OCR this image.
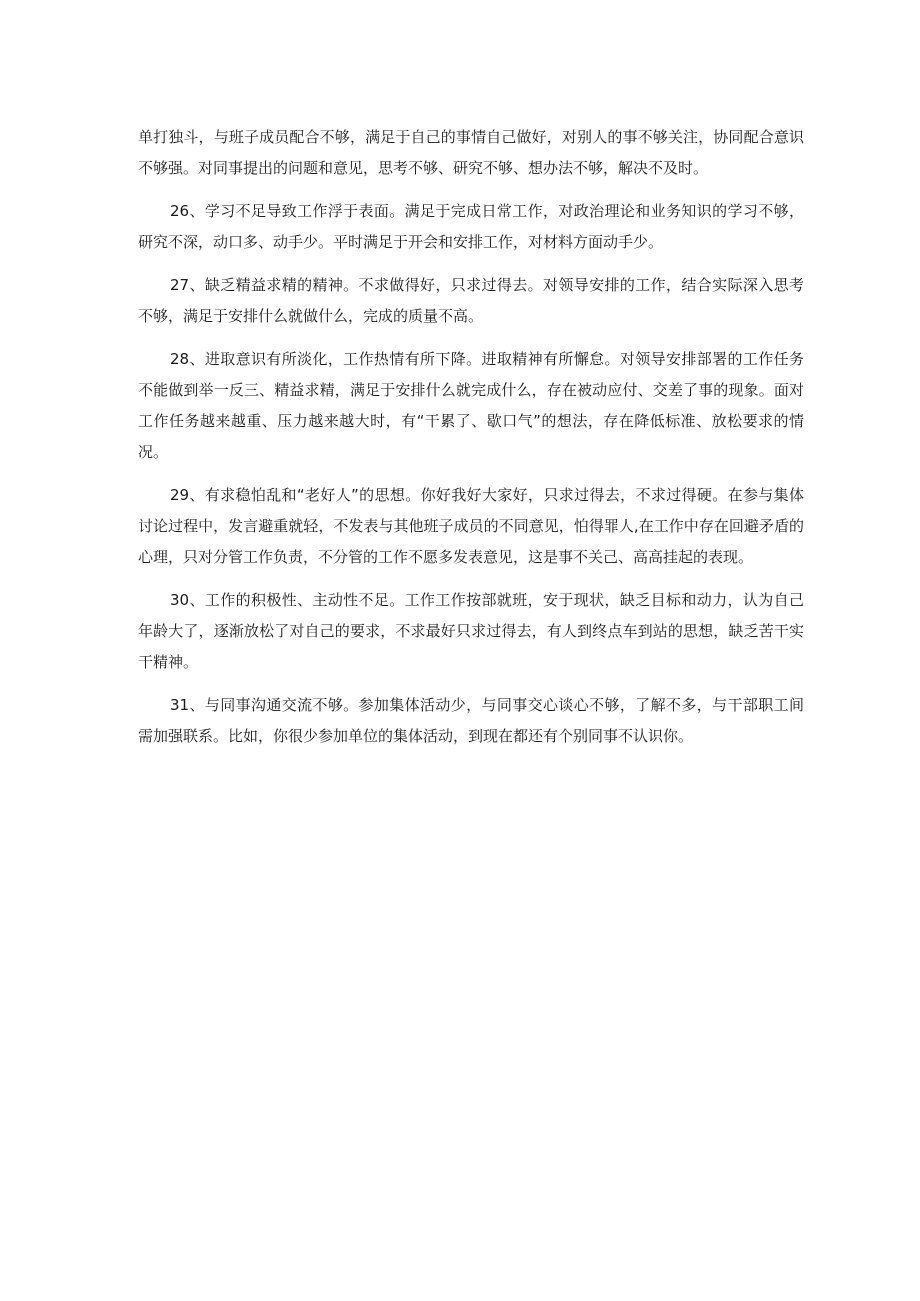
单打独斗，与班子成员配合不够，满足于自己的事情自己做好，对别人的事不够关注，协同配合意识不够强。对同事提出的问题和意见，思考不够、研究不够、想办法不够，解决不及时。

26、学习不足导致工作浮于表面。满足于完成日常工作，对政治理论和业务知识的学习不够，研究不深，动口多、动手少。平时满足于开会和安排工作，对材料方面动手少。

27、缺乏精益求精的精神。不求做得好，只求过得去。对领导安排的工作，结合实际深入思考不够，满足于安排什么就做什么，完成的质量不高。

28、进取意识有所淡化，工作热情有所下降。进取精神有所懈怠。对领导安排部署的工作任务不能做到举一反三、精益求精，满足于安排什么就完成什么，存在被动应付、交差了事的现象。面对工作任务越来越重、压力越来越大时，有“干累了、歇口气”的想法，存在降低标准、放松要求的情况。

29、有求稳怕乱和“老好人”的思想。你好我好大家好，只求过得去，不求过得硬。在参与集体讨论过程中，发言避重就轻，不发表与其他班子成员的不同意见，怕得罪人,在工作中存在回避矛盾的心理，只对分管工作负责，不分管的工作不愿多发表意见，这是事不关己、高高挂起的表现。

30、工作的积极性、主动性不足。工作工作按部就班，安于现状，缺乏目标和动力，认为自己年龄大了，逐渐放松了对自己的要求，不求最好只求过得去，有人到终点车到站的思想，缺乏苦干实干精神。

31、与同事沟通交流不够。参加集体活动少，与同事交心谈心不够，了解不多，与干部职工间需加强联系。比如，你很少参加单位的集体活动，到现在都还有个别同事不认识你。
